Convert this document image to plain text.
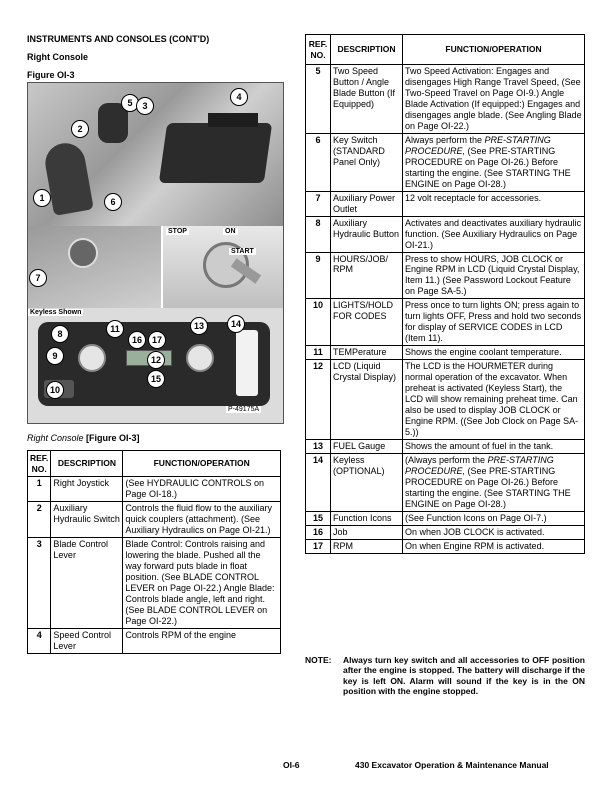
INSTRUMENTS AND CONSOLES (CONT'D)
Right Console
Figure OI-3
5	3
4
2
1	6
STOP	ON
START
7
Keyless Shown
8	11
16	17
13	14
9	12
15
10
P-49175A
Right Console [Figure OI-3]
REF. NO.	DESCRIPTION	FUNCTION/OPERATION
1	Right Joystick	(See HYDRAULIC CONTROLS on Page OI-18.)
2	Auxiliary Hydraulic Switch	Controls the fluid flow to the auxiliary quick couplers (attachment). (See Auxiliary Hydraulics on Page OI-21.)
3	Blade Control Lever	Blade Control: Controls raising and lowering the blade. Pushed all the way forward puts blade in float position. (See BLADE CONTROL LEVER on Page OI-22.) Angle Blade: Controls blade angle, left and right. (See BLADE CONTROL LEVER on Page OI-22.)
4	Speed Control Lever	Controls RPM of the engine
REF. NO.	DESCRIPTION	FUNCTION/OPERATION
5	Two Speed Button / Angle Blade Button (If Equipped)	Two Speed Activation: Engages and disengages High Range Travel Speed, (See Two-Speed Travel on Page OI-9.) Angle Blade Activation (If equipped:) Engages and disengages angle blade. (See Angling Blade on Page OI-22.)
6	Key Switch (STANDARD Panel Only)	Always perform the PRE-STARTING PROCEDURE, (See PRE-STARTING PROCEDURE on Page OI-26.) Before starting the engine. (See STARTING THE ENGINE on Page OI-28.)
7	Auxiliary Power Outlet	12 volt receptacle for accessories.
8	Auxiliary Hydraulic Button	Activates and deactivates auxiliary hydraulic function. (See Auxiliary Hydraulics on Page OI-21.)
9	HOURS/JOB/ RPM	Press to show HOURS, JOB CLOCK or Engine RPM in LCD (Liquid Crystal Display, Item 11.) (See Password Lockout Feature on Page SA-5.)
10	LIGHTS/HOLD FOR CODES	Press once to turn lights ON; press again to turn lights OFF, Press and hold two seconds for display of SERVICE CODES in LCD (Item 11).
11	TEMPerature	Shows the engine coolant temperature.
12	LCD (Liquid Crystal Display)	The LCD is the HOURMETER during normal operation of the excavator. When preheat is activated (Keyless Start), the LCD will show remaining preheat time. Can also be used to display JOB CLOCK or Engine RPM. ((See Job Clock on Page SA-5.))
13	FUEL Gauge	Shows the amount of fuel in the tank.
14	Keyless (OPTIONAL)	(Always perform the PRE-STARTING PROCEDURE, (See PRE-STARTING PROCEDURE on Page OI-26.) Before starting the engine. (See STARTING THE ENGINE on Page OI-28.)
15	Function Icons	(See Function Icons on Page OI-7.)
16	Job	On when JOB CLOCK is activated.
17	RPM	On when Engine RPM is activated.
NOTE:	Always turn key switch and all accessories to OFF position after the engine is stopped. The battery will discharge if the key is left ON. Alarm will sound if the key is in the ON position with the engine stopped.
OI-6	430 Excavator Operation & Maintenance Manual
